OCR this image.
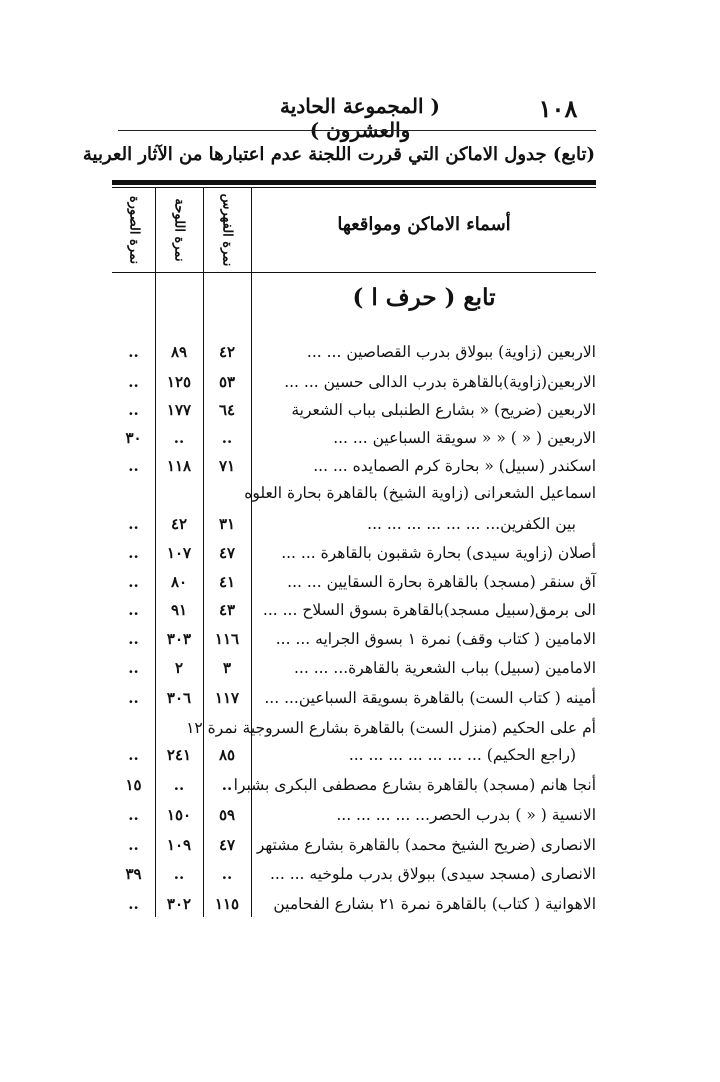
١٠٨
( المجموعة الحادية والعشرون )
(تابع) جدول الاماكن التي قررت اللجنة عدم اعتبارها من الآثار العربية
أسماء الاماكن ومواقعها
نمرة الفهرس
نمرة اللوحة
نمرة الصورة
تابع ( حرف ا )
الاربعين (زاوية) ببولاق بدرب القصاصين ... ...
٤٢
٨٩
..
الاربعين(زاوية)بالقاهرة بدرب الدالى حسين ... ...
٥٣
١٢٥
..
الاربعين (ضريح) « بشارع الطنبلى بباب الشعرية
٦٤
١٧٧
..
الاربعين ( « ) « « سويقة السباعين ... ...
..
..
٣٠
اسكندر (سبيل) « بحارة كرم الصمايده ... ...
٧١
١١٨
..
اسماعيل الشعرانى (زاوية الشيخ) بالقاهرة بحارة العلوه
بين الكفرين... ... ... ... ... ... ...
٣١
٤٢
..
أصلان (زاوية سيدى) بحارة شقبون بالقاهرة ... ...
٤٧
١٠٧
..
آق سنقر (مسجد) بالقاهرة بحارة السقايين ... ...
٤١
٨٠
..
الى برمق(سبيل مسجد)بالقاهرة بسوق السلاح ... ...
٤٣
٩١
..
الامامين ( كتاب وقف) نمرة ١ بسوق الجرايه ... ...
١١٦
٣٠٣
..
الامامين (سبيل) بباب الشعرية بالقاهرة... ... ...
٣
٢
..
أمينه ( كتاب الست) بالقاهرة بسويقة السباعين... ...
١١٧
٣٠٦
..
أم على الحكيم (منزل الست) بالقاهرة بشارع السروجية نمرة ١٢
(راجع الحكيم) ... ... ... ... ... ... ...
٨٥
٢٤١
..
أنجا هانم (مسجد) بالقاهرة بشارع مصطفى البكرى بشبرا
..
..
١٥
الانسية ( « ) بدرب الحصر... ... ... ... ...
٥٩
١٥٠
..
الانصارى (ضريح الشيخ محمد) بالقاهرة بشارع مشتهر
٤٧
١٠٩
..
الانصارى (مسجد سيدى) ببولاق بدرب ملوخيه ... ...
..
..
٣٩
الاهوانية ( كتاب) بالقاهرة نمرة ٢١ بشارع الفحامين
١١٥
٣٠٢
..
